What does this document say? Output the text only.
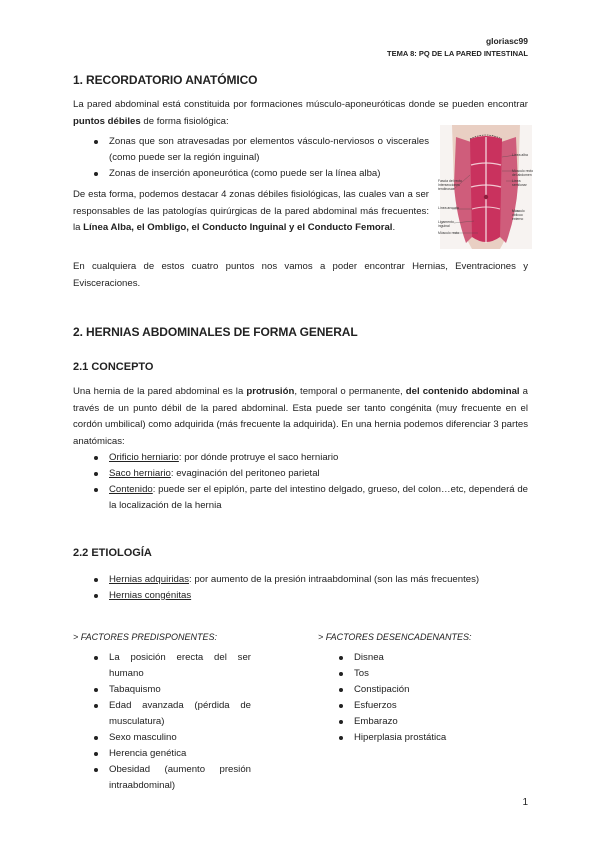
gloriasc99
TEMA 8: PQ DE LA PARED INTESTINAL
1. RECORDATORIO ANATÓMICO

La pared abdominal está constituida por formaciones músculo-aponeuróticas donde se pueden encontrar puntos débiles de forma fisiológica:

Zonas que son atravesadas por elementos vásculo-nerviosos o viscerales (como puede ser la región inguinal)
Zonas de inserción aponeurótica (como puede ser la línea alba)

De esta forma, podemos destacar 4 zonas débiles fisiológicas, las cuales van a ser responsables de las patologías quirúrgicas de la pared abdominal más frecuentes: la Línea Alba, el Ombligo, el Conducto Inguinal y el Conducto Femoral.

En cualquiera de estos cuatro puntos nos vamos a poder encontrar Hernias, Eventraciones y Evisceraciones.

Fascia del recto
Intersecciones tendinosas
Línea arcuata
Ligamento inguinal
Músculo recto
Línea alba
Músculo recto del abdomen
Línea semilunar
Músculo oblicuo externo
2. HERNIAS ABDOMINALES DE FORMA GENERAL
2.1 CONCEPTO

Una hernia de la pared abdominal es la protrusión, temporal o permanente, del contenido abdominal a través de un punto débil de la pared abdominal. Esta puede ser tanto congénita (muy frecuente en el cordón umbilical) como adquirida (más frecuente la adquirida). En una hernia podemos diferenciar 3 partes anatómicas:

Orificio herniario: por dónde protruye el saco herniario
Saco herniario: evaginación del peritoneo parietal
Contenido: puede ser el epiplón, parte del intestino delgado, grueso, del colon…etc, dependerá de la localización de la hernia
2.2 ETIOLOGÍA
Hernias adquiridas: por aumento de la presión intraabdominal (son las más frecuentes)
Hernias congénitas
> FACTORES PREDISPONENTES:
La posición erecta del ser humano
Tabaquismo
Edad avanzada (pérdida de musculatura)
Sexo masculino
Herencia genética
Obesidad (aumento presión intraabdominal)
> FACTORES DESENCADENANTES:
Disnea
Tos
Constipación
Esfuerzos
Embarazo
Hiperplasia prostática
1
